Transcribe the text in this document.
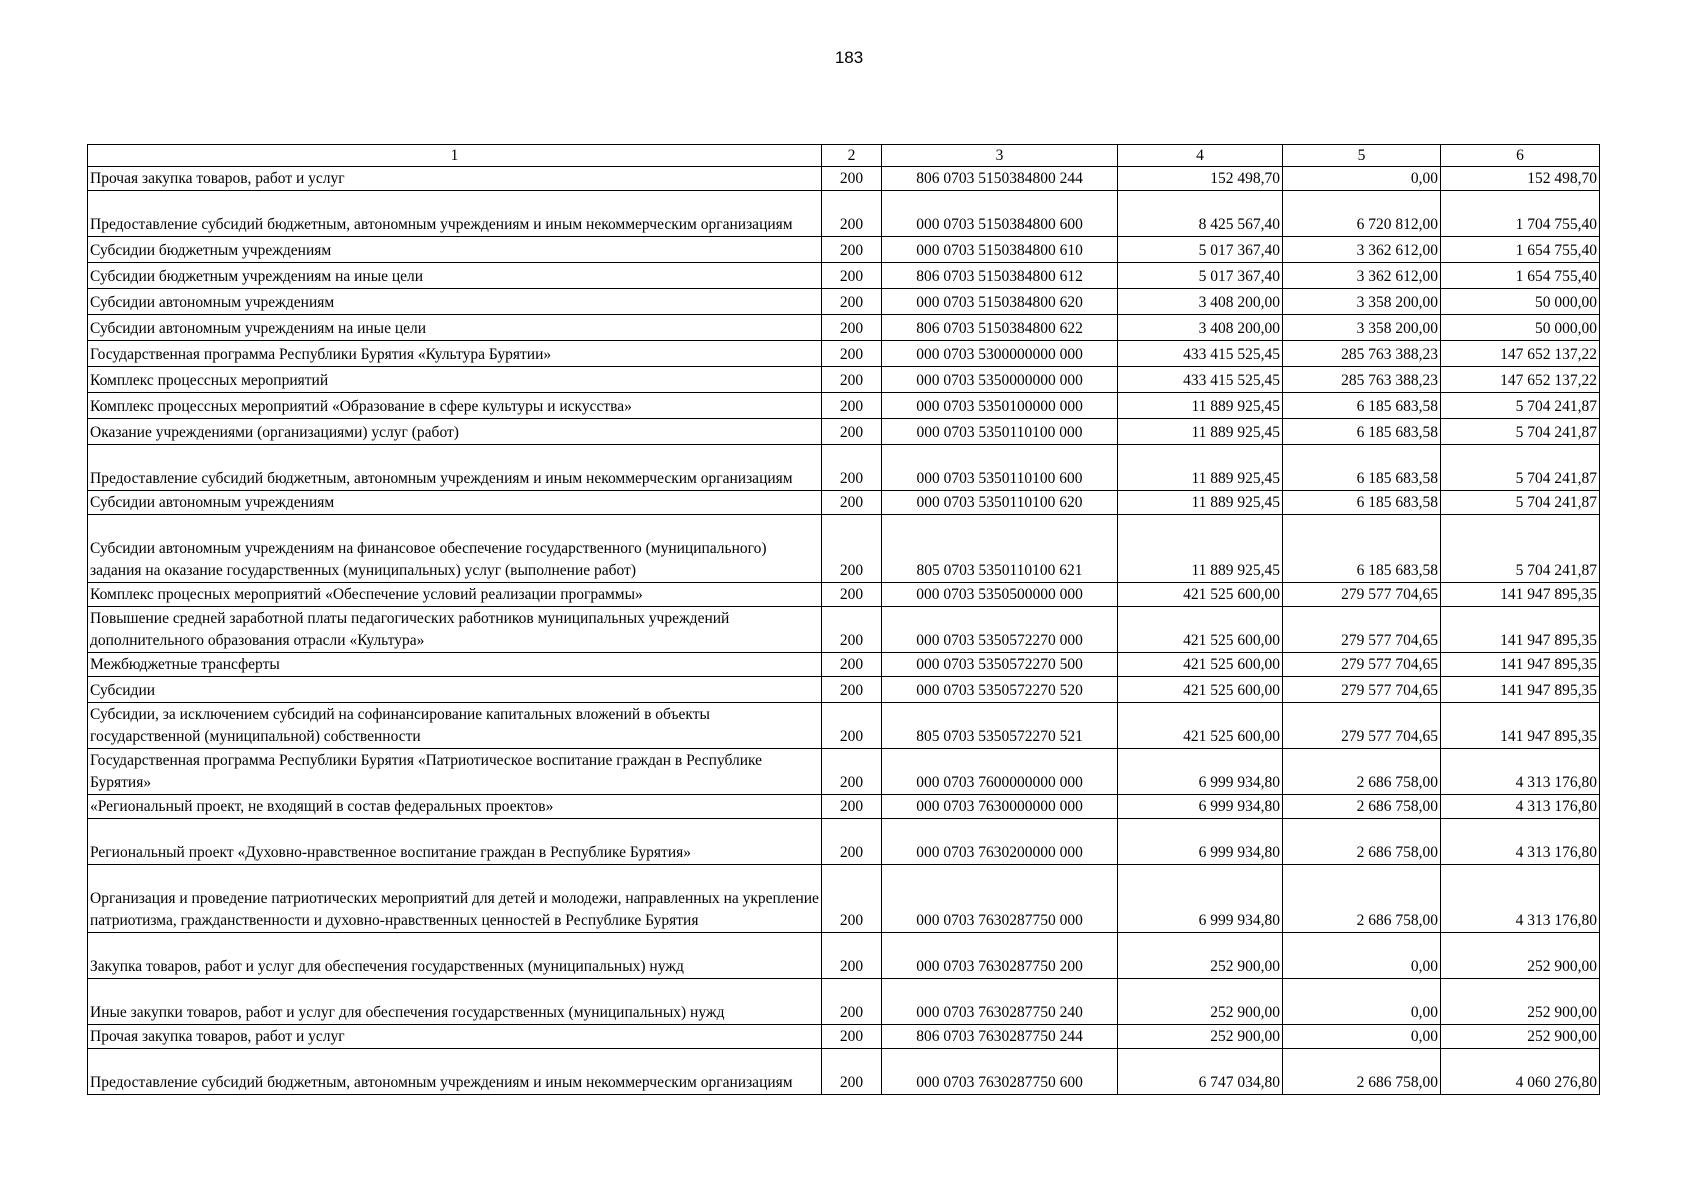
183
1	2	3	4	5	6
Прочая закупка товаров, работ и услуг	200	806 0703 5150384800 244	152 498,70	0,00	152 498,70
Предоставление субсидий бюджетным, автономным учреждениям и иным некоммерческим организациям	200	000 0703 5150384800 600	8 425 567,40	6 720 812,00	1 704 755,40
Субсидии бюджетным учреждениям	200	000 0703 5150384800 610	5 017 367,40	3 362 612,00	1 654 755,40
Субсидии бюджетным учреждениям на иные цели	200	806 0703 5150384800 612	5 017 367,40	3 362 612,00	1 654 755,40
Субсидии автономным учреждениям	200	000 0703 5150384800 620	3 408 200,00	3 358 200,00	50 000,00
Субсидии автономным учреждениям на иные цели	200	806 0703 5150384800 622	3 408 200,00	3 358 200,00	50 000,00
Государственная программа Республики Бурятия «Культура Бурятии»	200	000 0703 5300000000 000	433 415 525,45	285 763 388,23	147 652 137,22
Комплекс процессных мероприятий	200	000 0703 5350000000 000	433 415 525,45	285 763 388,23	147 652 137,22
Комплекс процессных мероприятий «Образование в сфере культуры и искусства»	200	000 0703 5350100000 000	11 889 925,45	6 185 683,58	5 704 241,87
Оказание учреждениями (организациями) услуг (работ)	200	000 0703 5350110100 000	11 889 925,45	6 185 683,58	5 704 241,87
Предоставление субсидий бюджетным, автономным учреждениям и иным некоммерческим организациям	200	000 0703 5350110100 600	11 889 925,45	6 185 683,58	5 704 241,87
Субсидии автономным учреждениям	200	000 0703 5350110100 620	11 889 925,45	6 185 683,58	5 704 241,87
Субсидии автономным учреждениям на финансовое обеспечение государственного (муниципального) задания на оказание государственных (муниципальных) услуг (выполнение работ)	200	805 0703 5350110100 621	11 889 925,45	6 185 683,58	5 704 241,87
Комплекс процесных мероприятий «Обеспечение условий реализации программы»	200	000 0703 5350500000 000	421 525 600,00	279 577 704,65	141 947 895,35
Повышение средней заработной платы педагогических работников муниципальных учреждений дополнительного образования отрасли «Культура»	200	000 0703 5350572270 000	421 525 600,00	279 577 704,65	141 947 895,35
Межбюджетные трансферты	200	000 0703 5350572270 500	421 525 600,00	279 577 704,65	141 947 895,35
Субсидии	200	000 0703 5350572270 520	421 525 600,00	279 577 704,65	141 947 895,35
Субсидии, за исключением субсидий на софинансирование капитальных вложений в объекты государственной (муниципальной) собственности	200	805 0703 5350572270 521	421 525 600,00	279 577 704,65	141 947 895,35
Государственная программа Республики Бурятия «Патриотическое воспитание граждан в Республике Бурятия»	200	000 0703 7600000000 000	6 999 934,80	2 686 758,00	4 313 176,80
«Региональный проект, не входящий в состав федеральных проектов»	200	000 0703 7630000000 000	6 999 934,80	2 686 758,00	4 313 176,80
Региональный проект «Духовно-нравственное воспитание граждан в Республике Бурятия»	200	000 0703 7630200000 000	6 999 934,80	2 686 758,00	4 313 176,80
Организация и проведение патриотических мероприятий для детей и молодежи, направленных на укрепление патриотизма, гражданственности и духовно-нравственных ценностей в Республике Бурятия	200	000 0703 7630287750 000	6 999 934,80	2 686 758,00	4 313 176,80
Закупка товаров, работ и услуг для обеспечения государственных (муниципальных) нужд	200	000 0703 7630287750 200	252 900,00	0,00	252 900,00
Иные закупки товаров, работ и услуг для обеспечения государственных (муниципальных) нужд	200	000 0703 7630287750 240	252 900,00	0,00	252 900,00
Прочая закупка товаров, работ и услуг	200	806 0703 7630287750 244	252 900,00	0,00	252 900,00
Предоставление субсидий бюджетным, автономным учреждениям и иным некоммерческим организациям	200	000 0703 7630287750 600	6 747 034,80	2 686 758,00	4 060 276,80
